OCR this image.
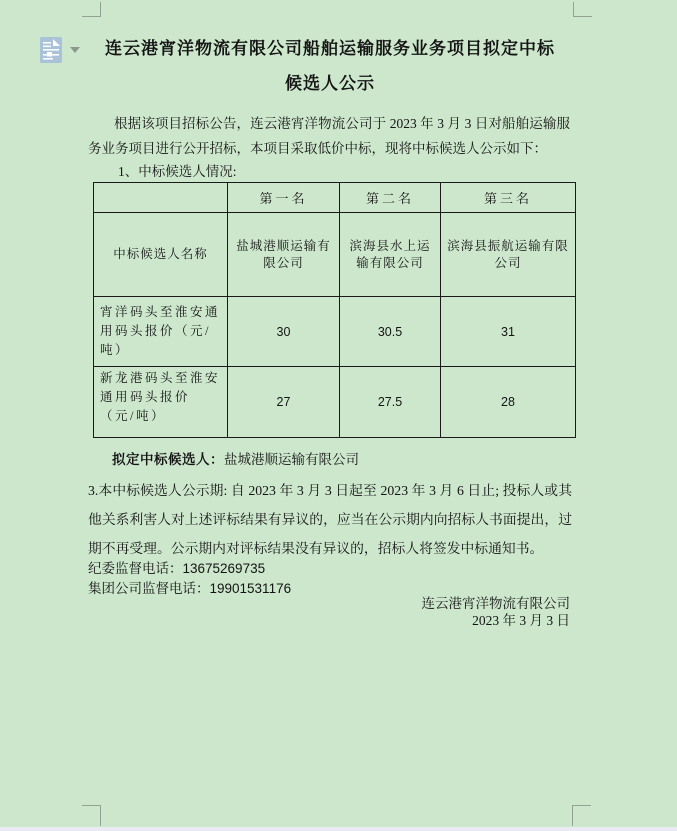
连云港宵洋物流有限公司船舶运输服务业务项目拟定中标
候选人公示
根据该项目招标公告，连云港宵洋物流公司于 2023 年 3 月 3 日对船舶运输服务业务项目进行公开招标，本项目采取低价中标，现将中标候选人公示如下：
1、中标候选人情况:
	第一名	第二名	第三名
中标候选人名称	盐城港顺运输有限公司	滨海县水上运输有限公司	滨海县振航运输有限公司
宵洋码头至淮安通用码头报价（元/吨）	30	30.5	31
新龙港码头至淮安通用码头报价（元/吨）	27	27.5	28
拟定中标候选人：盐城港顺运输有限公司
3.本中标候选人公示期: 自 2023 年 3 月 3 日起至 2023 年 3 月 6 日止; 投标人或其他关系利害人对上述评标结果有异议的，应当在公示期内向招标人书面提出，过期不再受理。公示期内对评标结果没有异议的，招标人将签发中标通知书。
纪委监督电话：13675269735
集团公司监督电话：19901531176
连云港宵洋物流有限公司
2023 年 3 月 3 日
